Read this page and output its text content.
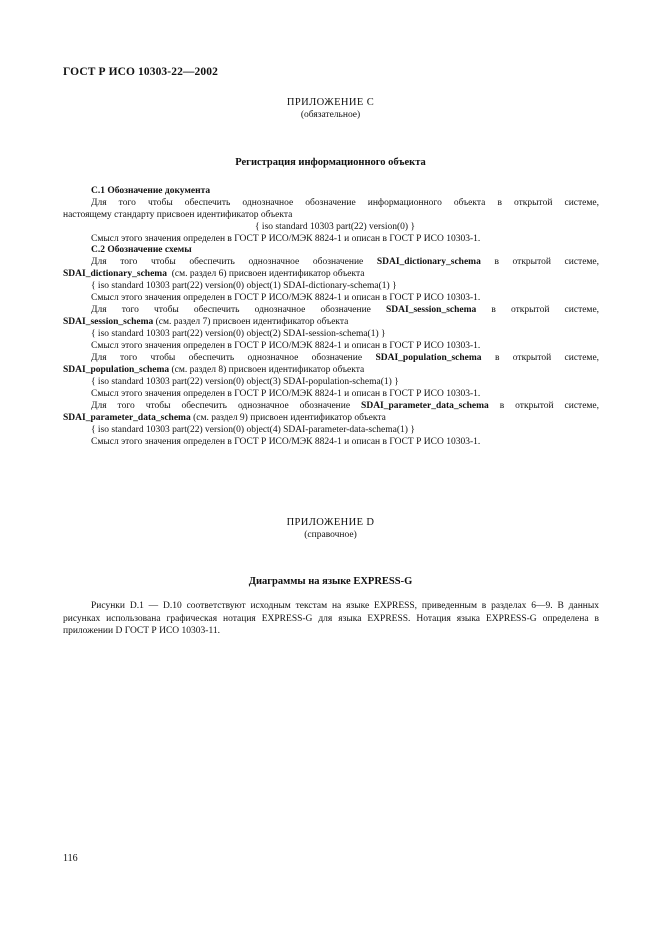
ГОСТ Р ИСО 10303-22—2002
ПРИЛОЖЕНИЕ С
(обязательное)
Регистрация информационного объекта
С.1 Обозначение документа
Для того чтобы обеспечить однозначное обозначение информационного объекта в открытой системе,
настоящему стандарту присвоен идентификатор объекта
{ iso standard 10303 part(22) version(0) }
Смысл этого значения определен в ГОСТ Р ИСО/МЭК 8824-1 и описан в ГОСТ Р ИСО 10303-1.
С.2 Обозначение схемы
Для того чтобы обеспечить однозначное обозначение SDAI_dictionary_schema в открытой системе,
SDAI_dictionary_schema (см. раздел 6) присвоен идентификатор объекта
{ iso standard 10303 part(22) version(0) object(1) SDAI-dictionary-schema(1) }
Смысл этого значения определен в ГОСТ Р ИСО/МЭК 8824-1 и описан в ГОСТ Р ИСО 10303-1.
Для того чтобы обеспечить однозначное обозначение SDAI_session_schema в открытой системе,
SDAI_session_schema (см. раздел 7) присвоен идентификатор объекта
{ iso standard 10303 part(22) version(0) object(2) SDAI-session-schema(1) }
Смысл этого значения определен в ГОСТ Р ИСО/МЭК 8824-1 и описан в ГОСТ Р ИСО 10303-1.
Для того чтобы обеспечить однозначное обозначение SDAI_population_schema в открытой системе,
SDAI_population_schema (см. раздел 8) присвоен идентификатор объекта
{ iso standard 10303 part(22) version(0) object(3) SDAI-population-schema(1) }
Смысл этого значения определен в ГОСТ Р ИСО/МЭК 8824-1 и описан в ГОСТ Р ИСО 10303-1.
Для того чтобы обеспечить однозначное обозначение SDAI_parameter_data_schema в открытой системе,
SDAI_parameter_data_schema (см. раздел 9) присвоен идентификатор объекта
{ iso standard 10303 part(22) version(0) object(4) SDAI-parameter-data-schema(1) }
Смысл этого значения определен в ГОСТ Р ИСО/МЭК 8824-1 и описан в ГОСТ Р ИСО 10303-1.
ПРИЛОЖЕНИЕ D
(справочное)
Диаграммы на языке EXPRESS-G
Рисунки D.1 — D.10 соответствуют исходным текстам на языке EXPRESS, приведенным в разделах 6—9. В данных рисунках использована графическая нотация EXPRESS-G для языка EXPRESS. Нотация языка EXPRESS-G определена в приложении D ГОСТ Р ИСО 10303-11.
116
